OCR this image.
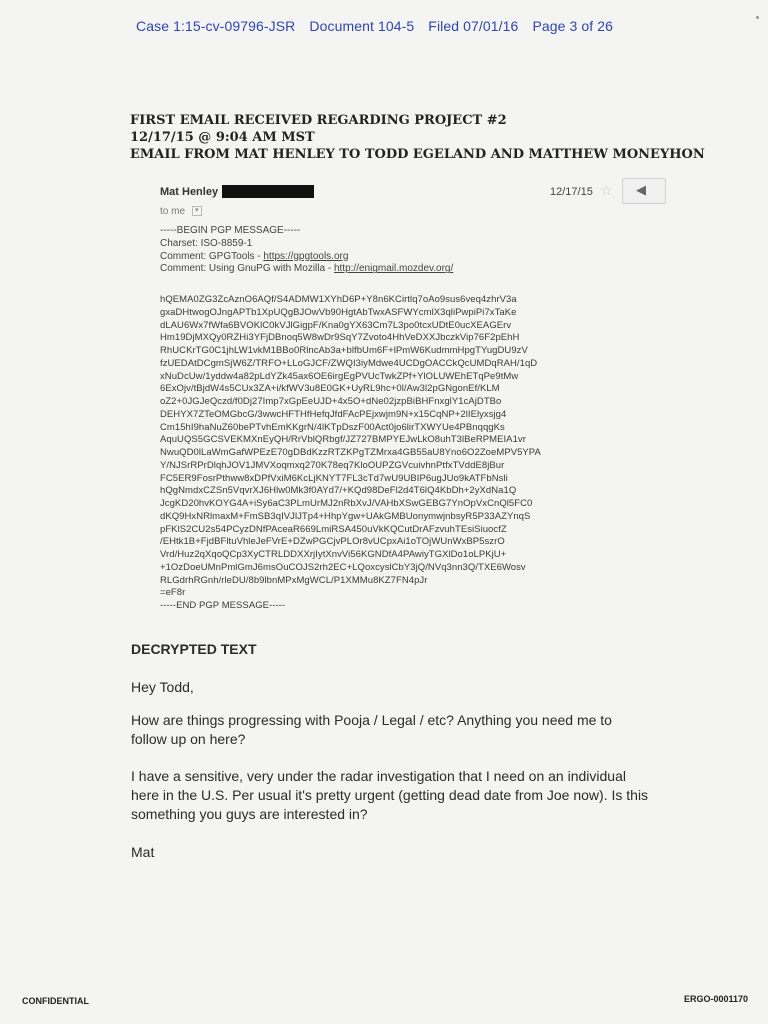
Case 1:15-cv-09796-JSR Document 104-5 Filed 07/01/16 Page 3 of 26
FIRST EMAIL RECEIVED REGARDING PROJECT #2
12/17/15 @ 9:04 AM MST
EMAIL FROM MAT HENLEY TO TODD EGELAND AND MATTHEW MONEYHON
Mat Henley
to me ▾
12/17/15 ☆ ◀
-----BEGIN PGP MESSAGE-----
Charset: ISO-8859-1
Comment: GPGTools - https://gpgtools.org
Comment: Using GnuPG with Mozilla - http://enigmail.mozdev.org/
hQEMA0ZG3ZcAznO6AQf/S4ADMW1XYhD6P+Y8n6KCirtlq7oAo9sus6veq4zhrV3a
gxaDHtwogOJngAPTb1XpUQgBJOwVb90HgtAbTwxASFWYcmlX3qliPwpiPi7xTaKe
dLAU6Wx7fWfa6BVOKlC0kVJlGigpF/Kna0gYX63Cm7L3po0tcxUDtE0ucXEAGErv
Hm19DjMXQy0RZHi3YFjDBnoq5W8wDr9SqY7Zvoto4HhVeDXXJbczkVip76F2pEhH
RhUCKrTG0C1jhLW1vkM1BBo0RlncAb3a+blfbUm6F+lPmW6KudmmHpgTYugDU9zV
fzUEDAtDCgmSjW6Z/TRFO+LLoGJCF/ZWQI3iyMdwe4UCDgOACCkQcUMDqRAH/1qD
xNuDcUw/1yddw4a82pLdYZk45ax6OE6irgEgPVUcTwkZPf+YlOLUWEhETqPe9tMw
6ExOjv/tBjdW4s5CUx3ZA+i/kfWV3u8E0GK+UyRL9hc+0l/Aw3l2pGNgonEf/KLM
oZ2+0JGJeQczd/f0Dj27Imp7xGpEeUJD+4x5O+dNe02jzpBiBHFnxglY1cAjDTBo
DEHYX7ZTeOMGbcG/3wwcHFTHfHefqJfdFAcPEjxwjm9N+x15CqNP+2lIElyxsjg4
Cm15hI9haNuZ60bePTvhEmKKgrN/4lKTpDszF00Act0jo6lirTXWYUe4PBnqqgKs
AquUQS5GCSVEKMXnEyQH/RrVblQRbgf/JZ727BMPYEJwLkO8uhT3lBeRPMEIA1vr
NwuQD0lLaWmGafWPEzE70gDBdKzzRTZKPgTZMrxa4GB55aU8Yno6O2ZoeMPV5YPA
Y/NJSrRPrDlqhJOV1JMVXoqmxq270K78eq7KloOUPZGVcuivhnPtfxTVddE8jBur
FC5ER9FosrPthww8xDPfVxiM6KcLjKNYT7FL3cTd7wU9UBIP6ugJUo9kATFbNsli
hQgNmdxCZSn5VqvrXJ6Hlw0Mk3f0AYd7/+KQd98DeFl2d4T6lQ4KbDh+2yXdNa1Q
JcgKD20hvKOYG4A+iSy6aC3PLmUrMJ2nRbXvJ/VAHbXSwGEBG7YnOpVxCnQl5FC0
dKQ9HxNRlmaxM+FmSB3qIVJlJTp4+HhpYgw+UAkGMBUonymwjnbsyR5P33AZYnqS
pFKlS2CU2s54PCyzDNfPAceaR669LmiRSA450uVkKQCutDrAFzvuhTEsiSiuocfZ
/EHtk1B+FjdBFltuVhleJeFVrE+DZwPGCjvPLOr8vUCpxAi1oTOjWUnWxBP5szrO
Vrd/Huz2qXqoQCp3XyCTRLDDXXrjIytXnvVi56KGNDfA4PAwiyTGXlDo1oLPKjU+
+1OzDoeUMnPmlGmJ6msOuCOJS2rh2EC+LQoxcyslCbY3jQ/NVq3nn3Q/TXE6Wosv
RLGdrhRGnh/rleDU/8b9lbnMPxMgWCL/P1XMMu8KZ7FN4pJr
=eF8r
-----END PGP MESSAGE-----
DECRYPTED TEXT
Hey Todd,
How are things progressing with Pooja / Legal / etc? Anything you need me to follow up on here?
I have a sensitive, very under the radar investigation that I need on an individual here in the U.S. Per usual it's pretty urgent (getting dead date from Joe now). Is this something you guys are interested in?
Mat
CONFIDENTIAL	ERGO-0001170
